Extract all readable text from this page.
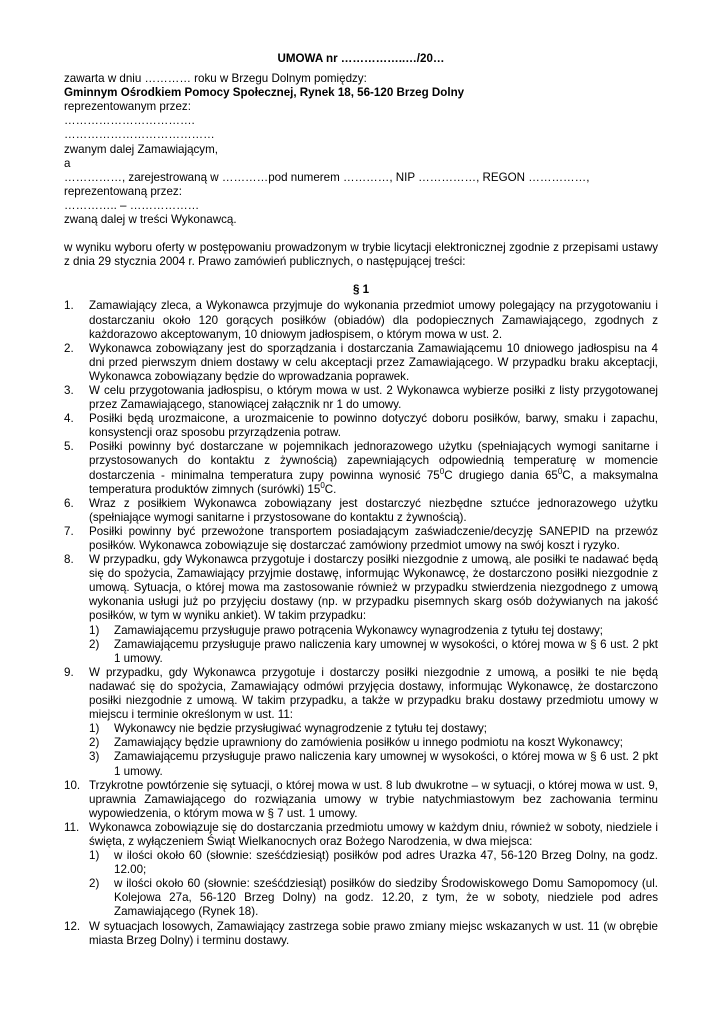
UMOWA nr ……………..…/20…
zawarta w dniu ………… roku w Brzegu Dolnym pomiędzy:
Gminnym Ośrodkiem Pomocy Społecznej, Rynek 18, 56-120 Brzeg Dolny
reprezentowanym przez:
…………………………….
…………………………………
zwanym dalej Zamawiającym,
a
……………, zarejestrowaną w …………pod numerem …………, NIP ……………, REGON ……………,
reprezentowaną przez:
………….. – ………………
zwaną dalej w treści Wykonawcą.
w wyniku wyboru oferty w postępowaniu prowadzonym w trybie licytacji elektronicznej zgodnie z przepisami ustawy z dnia 29 stycznia 2004 r. Prawo zamówień publicznych, o następującej treści:
§ 1
1. Zamawiający zleca, a Wykonawca przyjmuje do wykonania przedmiot umowy polegający na przygotowaniu i dostarczaniu około 120 gorących posiłków (obiadów) dla podopiecznych Zamawiającego, zgodnych z każdorazowo akceptowanym, 10 dniowym jadłospisem, o którym mowa w ust. 2.
2. Wykonawca zobowiązany jest do sporządzania i dostarczania Zamawiającemu 10 dniowego jadłospisu na 4 dni przed pierwszym dniem dostawy w celu akceptacji przez Zamawiającego. W przypadku braku akceptacji, Wykonawca zobowiązany będzie do wprowadzania poprawek.
3. W celu przygotowania jadłospisu, o którym mowa w ust. 2 Wykonawca wybierze posiłki z listy przygotowanej przez Zamawiającego, stanowiącej załącznik nr 1 do umowy.
4. Posiłki będą urozmaicone, a urozmaicenie to powinno dotyczyć doboru posiłków, barwy, smaku i zapachu, konsystencji oraz sposobu przyrządzenia potraw.
5. Posiłki powinny być dostarczane w pojemnikach jednorazowego użytku (spełniających wymogi sanitarne i przystosowanych do kontaktu z żywnością) zapewniających odpowiednią temperaturę w momencie dostarczenia - minimalna temperatura zupy powinna wynosić $75^0C$ drugiego dania $65^0C$, a maksymalna temperatura produktów zimnych (surówki) $15^0C$.
6. Wraz z posiłkiem Wykonawca zobowiązany jest dostarczyć niezbędne sztućce jednorazowego użytku (spełniające wymogi sanitarne i przystosowane do kontaktu z żywnością).
7. Posiłki powinny być przewożone transportem posiadającym zaświadczenie/decyzję SANEPID na przewóz posiłków. Wykonawca zobowiązuje się dostarczać zamówiony przedmiot umowy na swój koszt i ryzyko.
8. W przypadku, gdy Wykonawca przygotuje i dostarczy posiłki niezgodnie z umową, ale posiłki te nadawać będą się do spożycia, Zamawiający przyjmie dostawę, informując Wykonawcę, że dostarczono posiłki niezgodnie z umową. Sytuacja, o której mowa ma zastosowanie również w przypadku stwierdzenia niezgodnego z umową wykonania usługi już po przyjęciu dostawy (np. w przypadku pisemnych skarg osób dożywianych na jakość posiłków, w tym w wyniku ankiet). W takim przypadku:
1) Zamawiającemu przysługuje prawo potrącenia Wykonawcy wynagrodzenia z tytułu tej dostawy;
2) Zamawiającemu przysługuje prawo naliczenia kary umownej w wysokości, o której mowa w § 6 ust. 2 pkt 1 umowy.
9. W przypadku, gdy Wykonawca przygotuje i dostarczy posiłki niezgodnie z umową, a posiłki te nie będą nadawać się do spożycia, Zamawiający odmówi przyjęcia dostawy, informując Wykonawcę, że dostarczono posiłki niezgodnie z umową. W takim przypadku, a także w przypadku braku dostawy przedmiotu umowy w miejscu i terminie określonym w ust. 11:
1) Wykonawcy nie będzie przysługiwać wynagrodzenie z tytułu tej dostawy;
2) Zamawiający będzie uprawniony do zamówienia posiłków u innego podmiotu na koszt Wykonawcy;
3) Zamawiającemu przysługuje prawo naliczenia kary umownej w wysokości, o której mowa w § 6 ust. 2 pkt 1 umowy.
10. Trzykrotne powtórzenie się sytuacji, o której mowa w ust. 8 lub dwukrotne – w sytuacji, o której mowa w ust. 9, uprawnia Zamawiającego do rozwiązania umowy w trybie natychmiastowym bez zachowania terminu wypowiedzenia, o którym mowa w § 7 ust. 1 umowy.
11. Wykonawca zobowiązuje się do dostarczania przedmiotu umowy w każdym dniu, również w soboty, niedziele i święta, z wyłączeniem Świąt Wielkanocnych oraz Bożego Narodzenia, w dwa miejsca:
1) w ilości około 60 (słownie: sześćdziesiąt) posiłków pod adres Urazka 47, 56-120 Brzeg Dolny, na godz. 12.00;
2) w ilości około 60 (słownie: sześćdziesiąt) posiłków do siedziby Środowiskowego Domu Samopomocy (ul. Kolejowa 27a, 56-120 Brzeg Dolny) na godz. 12.20, z tym, że w soboty, niedziele pod adres Zamawiającego (Rynek 18).
12. W sytuacjach losowych, Zamawiający zastrzega sobie prawo zmiany miejsc wskazanych w ust. 11 (w obrębie miasta Brzeg Dolny) i terminu dostawy.
